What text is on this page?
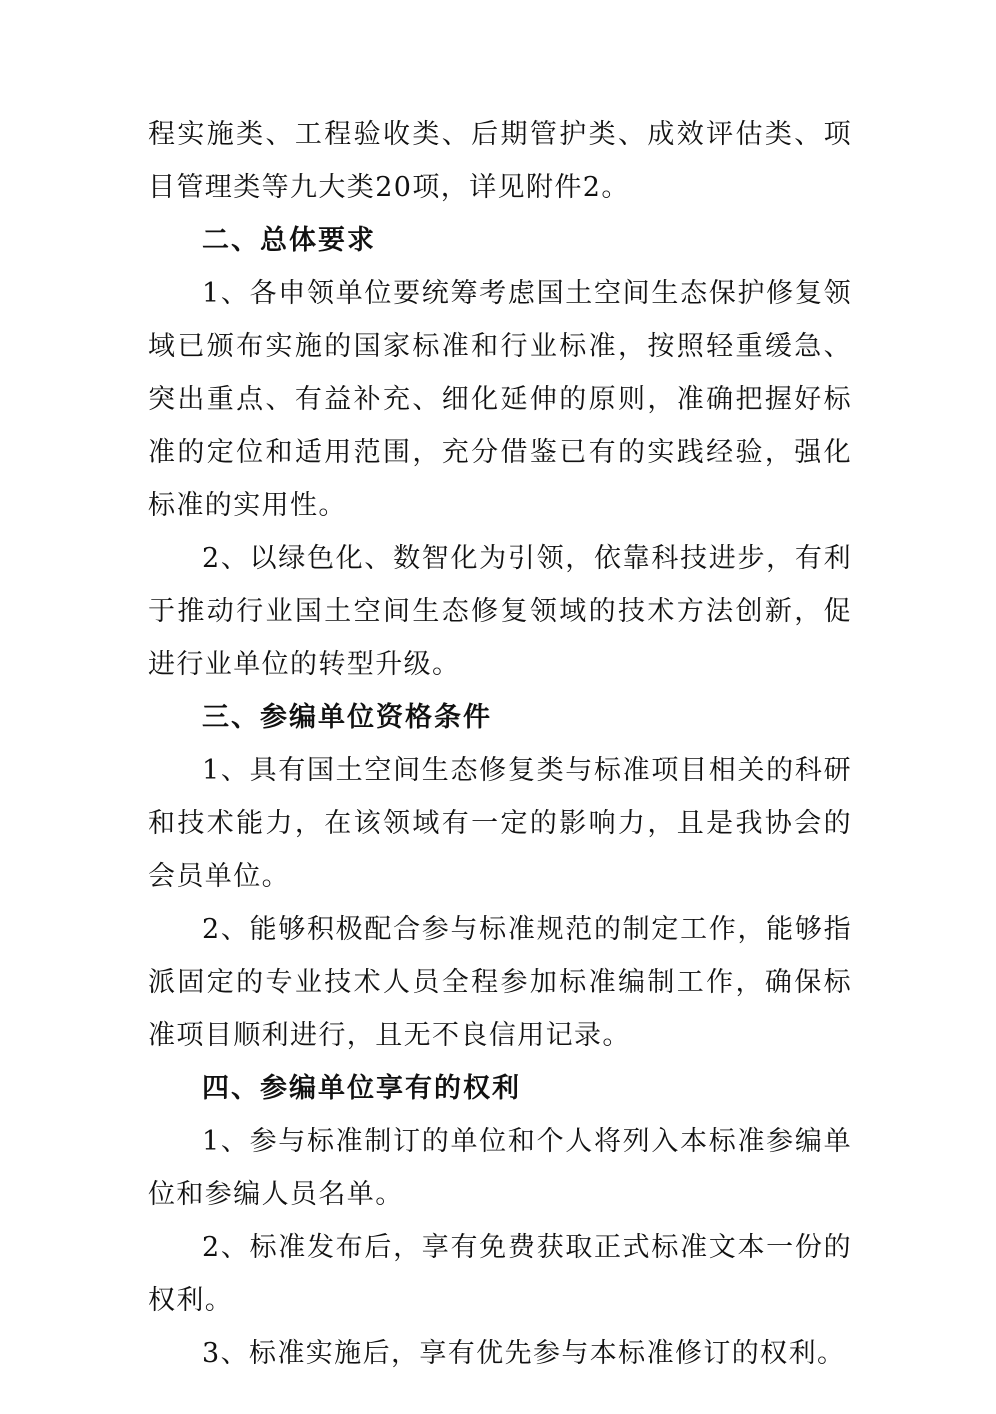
程实施类、工程验收类、后期管护类、成效评估类、项目管理类等九大类20项，详见附件2。

二、总体要求

1、各申领单位要统筹考虑国土空间生态保护修复领域已颁布实施的国家标准和行业标准，按照轻重缓急、突出重点、有益补充、细化延伸的原则，准确把握好标准的定位和适用范围，充分借鉴已有的实践经验，强化标准的实用性。

2、以绿色化、数智化为引领，依靠科技进步，有利于推动行业国土空间生态修复领域的技术方法创新，促进行业单位的转型升级。

三、参编单位资格条件

1、具有国土空间生态修复类与标准项目相关的科研和技术能力，在该领域有一定的影响力，且是我协会的会员单位。

2、能够积极配合参与标准规范的制定工作，能够指派固定的专业技术人员全程参加标准编制工作，确保标准项目顺利进行，且无不良信用记录。

四、参编单位享有的权利

1、参与标准制订的单位和个人将列入本标准参编单位和参编人员名单。

2、标准发布后，享有免费获取正式标准文本一份的权利。

3、标准实施后，享有优先参与本标准修订的权利。
